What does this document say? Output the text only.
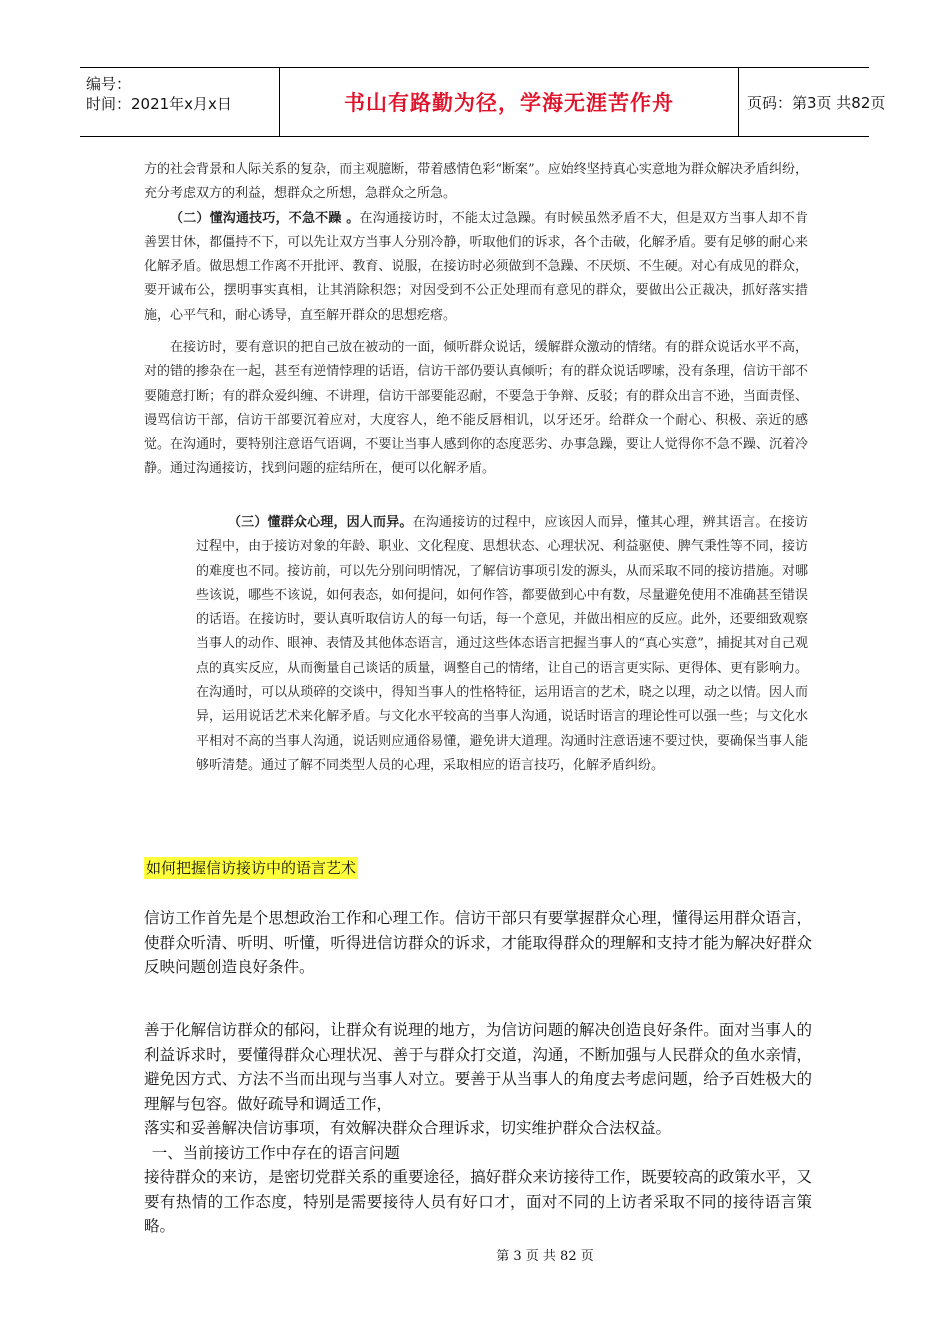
编号：
时间：2021年x月x日	书山有路勤为径，学海无涯苦作舟	页码：第3页 共82页

方的社会背景和人际关系的复杂，而主观臆断，带着感情色彩“断案”。应始终坚持真心实意地为群众解决矛盾纠纷，充分考虑双方的利益，想群众之所想，急群众之所急。

（二）懂沟通技巧，不急不躁 。在沟通接访时，不能太过急躁。有时候虽然矛盾不大，但是双方当事人却不肯善罢甘休，都僵持不下，可以先让双方当事人分别冷静，听取他们的诉求，各个击破，化解矛盾。要有足够的耐心来化解矛盾。做思想工作离不开批评、教育、说服，在接访时必须做到不急躁、不厌烦、不生硬。对心有成见的群众，要开诚布公，摆明事实真相，让其消除积怨；对因受到不公正处理而有意见的群众，要做出公正裁决，抓好落实措施，心平气和，耐心诱导，直至解开群众的思想疙瘩。

在接访时，要有意识的把自己放在被动的一面，倾听群众说话，缓解群众激动的情绪。有的群众说话水平不高，对的错的掺杂在一起，甚至有逆情悖理的话语，信访干部仍要认真倾听；有的群众说话啰嗦，没有条理，信访干部不要随意打断；有的群众爱纠缠、不讲理，信访干部要能忍耐，不要急于争辩、反驳；有的群众出言不逊，当面责怪、谩骂信访干部，信访干部要沉着应对，大度容人，绝不能反唇相讥，以牙还牙。给群众一个耐心、积极、亲近的感觉。在沟通时，要特别注意语气语调，不要让当事人感到你的态度恶劣、办事急躁，要让人觉得你不急不躁、沉着冷静。通过沟通接访，找到问题的症结所在，便可以化解矛盾。

（三）懂群众心理，因人而异。在沟通接访的过程中，应该因人而异，懂其心理，辨其语言。在接访过程中，由于接访对象的年龄、职业、文化程度、思想状态、心理状况、利益驱使、脾气秉性等不同，接访的难度也不同。接访前，可以先分别问明情况，了解信访事项引发的源头，从而采取不同的接访措施。对哪些该说，哪些不该说，如何表态，如何提问，如何作答，都要做到心中有数，尽量避免使用不准确甚至错误的话语。在接访时，要认真听取信访人的每一句话，每一个意见，并做出相应的反应。此外，还要细致观察当事人的动作、眼神、表情及其他体态语言，通过这些体态语言把握当事人的“真心实意”，捕捉其对自己观点的真实反应，从而衡量自己谈话的质量，调整自己的情绪，让自己的语言更实际、更得体、更有影响力。在沟通时，可以从琐碎的交谈中，得知当事人的性格特征，运用语言的艺术，晓之以理，动之以情。因人而异，运用说话艺术来化解矛盾。与文化水平较高的当事人沟通，说话时语言的理论性可以强一些；与文化水平相对不高的当事人沟通，说话则应通俗易懂，避免讲大道理。沟通时注意语速不要过快，要确保当事人能够听清楚。通过了解不同类型人员的心理，采取相应的语言技巧，化解矛盾纠纷。

如何把握信访接访中的语言艺术

信访工作首先是个思想政治工作和心理工作。信访干部只有要掌握群众心理，懂得运用群众语言，使群众听清、听明、听懂，听得进信访群众的诉求，才能取得群众的理解和支持才能为解决好群众反映问题创造良好条件。

善于化解信访群众的郁闷，让群众有说理的地方，为信访问题的解决创造良好条件。面对当事人的利益诉求时，要懂得群众心理状况、善于与群众打交道，沟通，不断加强与人民群众的鱼水亲情，避免因方式、方法不当而出现与当事人对立。要善于从当事人的角度去考虑问题，给予百姓极大的理解与包容。做好疏导和调适工作，

落实和妥善解决信访事项，有效解决群众合理诉求，切实维护群众合法权益。

一、当前接访工作中存在的语言问题

接待群众的来访，是密切党群关系的重要途径，搞好群众来访接待工作，既要较高的政策水平，又要有热情的工作态度，特别是需要接待人员有好口才，面对不同的上访者采取不同的接待语言策略。

第 3 页 共 82 页
